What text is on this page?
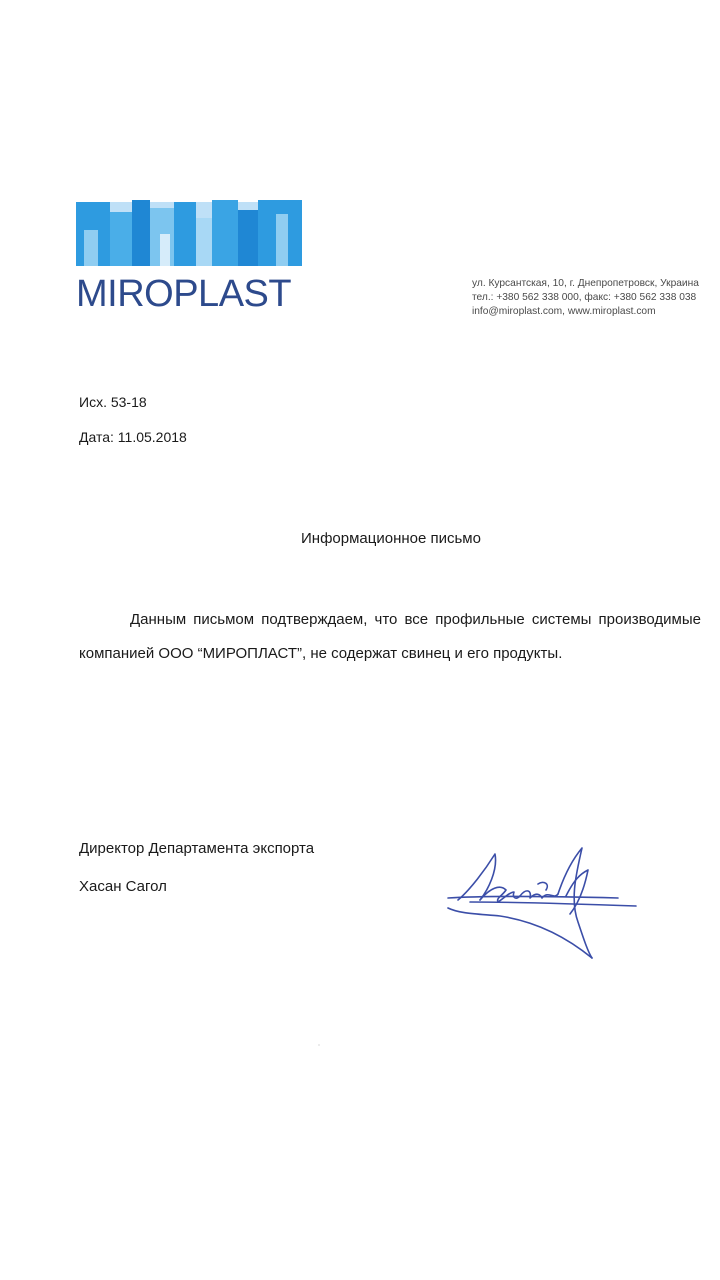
MIROPLAST	ул. Курсантская, 10, г. Днепропетровск, Украина
тел.: +380 562 338 000, факс: +380 562 338 038
info@miroplast.com, www.miroplast.com
Исх. 53-18
Дата: 11.05.2018
Информационное письмо
Данным письмом подтверждаем, что все профильные системы производимые компанией ООО “МИРОПЛАСТ”, не содержат свинец и его продукты.
Директор Департамента экспорта
Хасан Сагол
